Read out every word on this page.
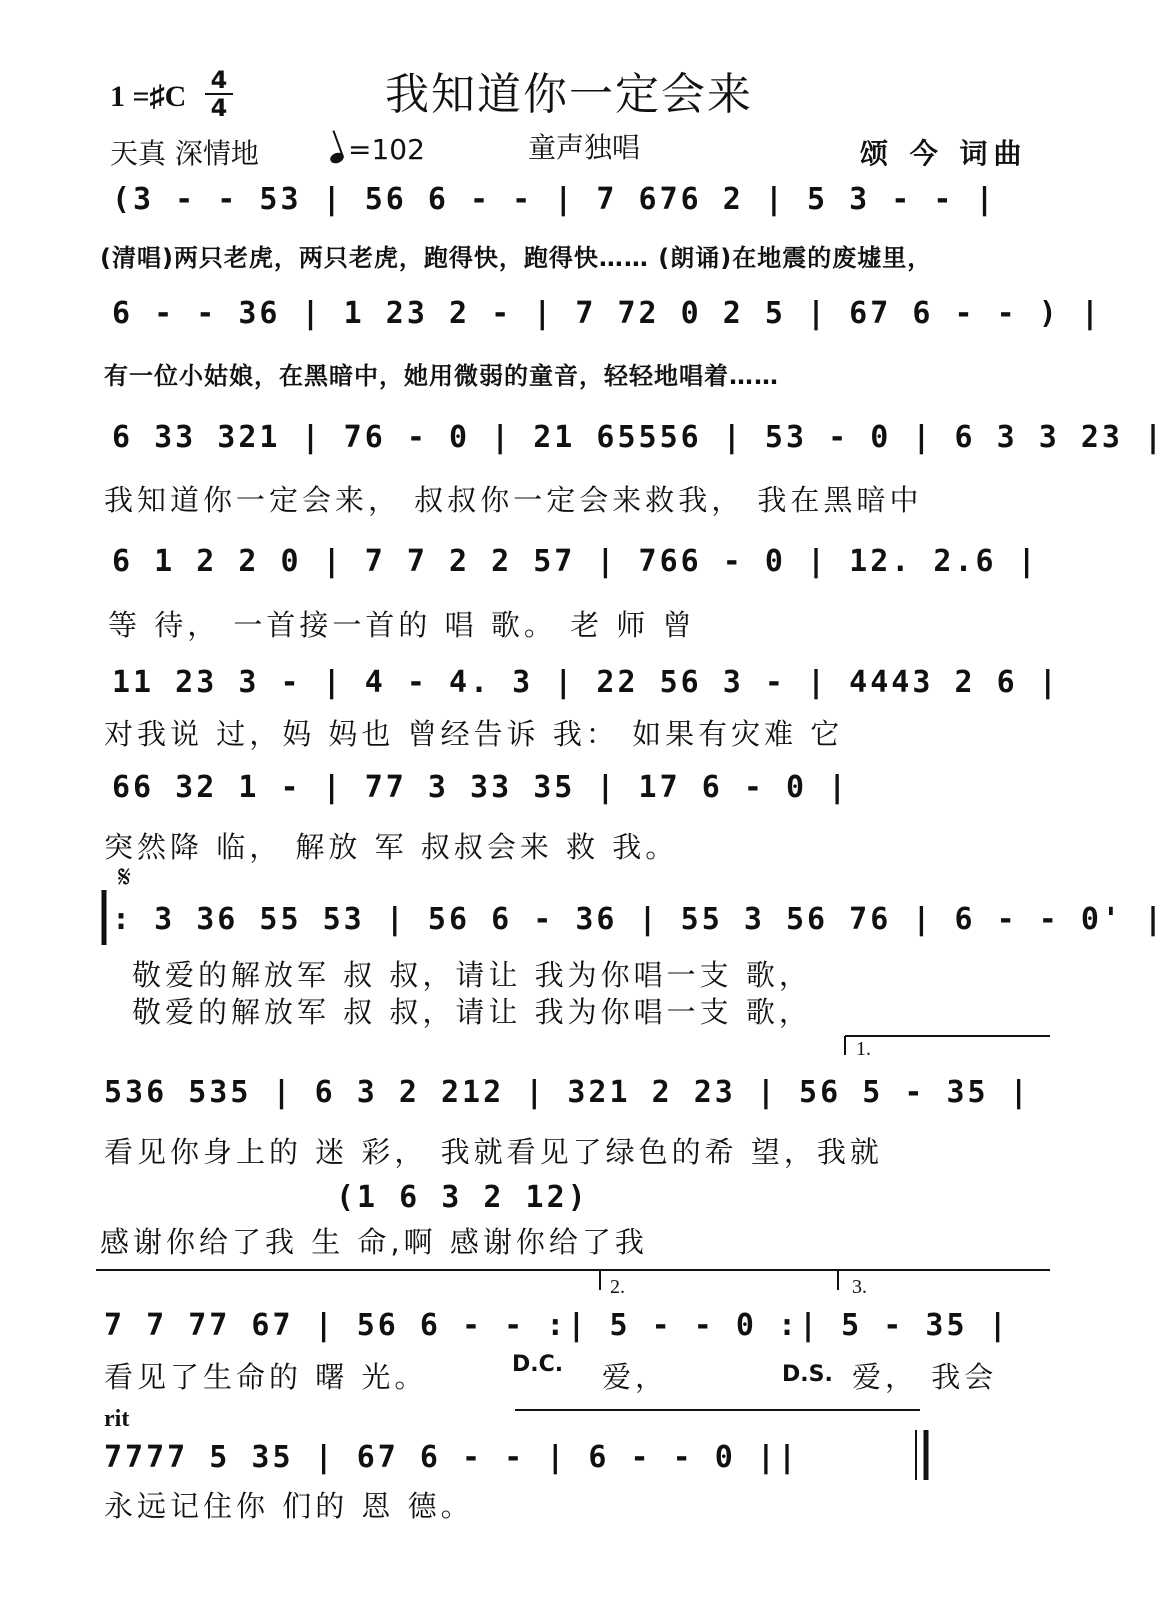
1 =♯C 4
4	我知道你一定会来
天真 深情地	=102	童声独唱	颂 今 词曲
(3 - - 53 | 56 6 - - | 7 676 2 | 5 3 - - |
(清唱)两只老虎，两只老虎，跑得快，跑得快…… (朗诵)在地震的废墟里，
6 - - 36 | 1 23 2 - | 7 72 0 2 5 | 67 6 - - ) |
有一位小姑娘，在黑暗中，她用微弱的童音，轻轻地唱着……
6 33 321 | 76 - 0 | 21 65556 | 53 - 0 | 6 3 3 23 |
我知道你一定会来， 叔叔你一定会来救我， 我在黑暗中
6 1 2 2 0 | 7 7 2 2 57 | 766 - 0 | 12. 2.6 |
等 待， 一首接一首的 唱 歌。 老 师 曾
11 23 3 - | 4 - 4. 3 | 22 56 3 - | 4443 2 6 |
对我说 过，妈 妈也 曾经告诉 我： 如果有灾难 它
66 32 1 - | 77 3 33 35 | 17 6 - 0 |
突然降 临， 解放 军 叔叔会来 救 我。
𝄋
: 3 36 55 53 | 56 6 - 36 | 55 3 56 76 | 6 - - 0' |
敬爱的解放军 叔 叔，请让 我为你唱一支 歌，
敬爱的解放军 叔 叔，请让 我为你唱一支 歌，
1.
536 535 | 6 3 2 212 | 321 2 23 | 56 5 - 35 |
看见你身上的 迷 彩， 我就看见了绿色的希 望，我就
(1 6 3 2 12)
感谢你给了我 生 命,啊 感谢你给了我
2.	3.
7 7 77 67 | 56 6 - - :| 5 - - 0 :| 5 - 35 |
看见了生命的 曙 光。	D.C. 爱，	D.S. 爱， 我会
rit
7777 5 35 | 67 6 - - | 6 - - 0 ||
永远记住你 们的 恩 德。
